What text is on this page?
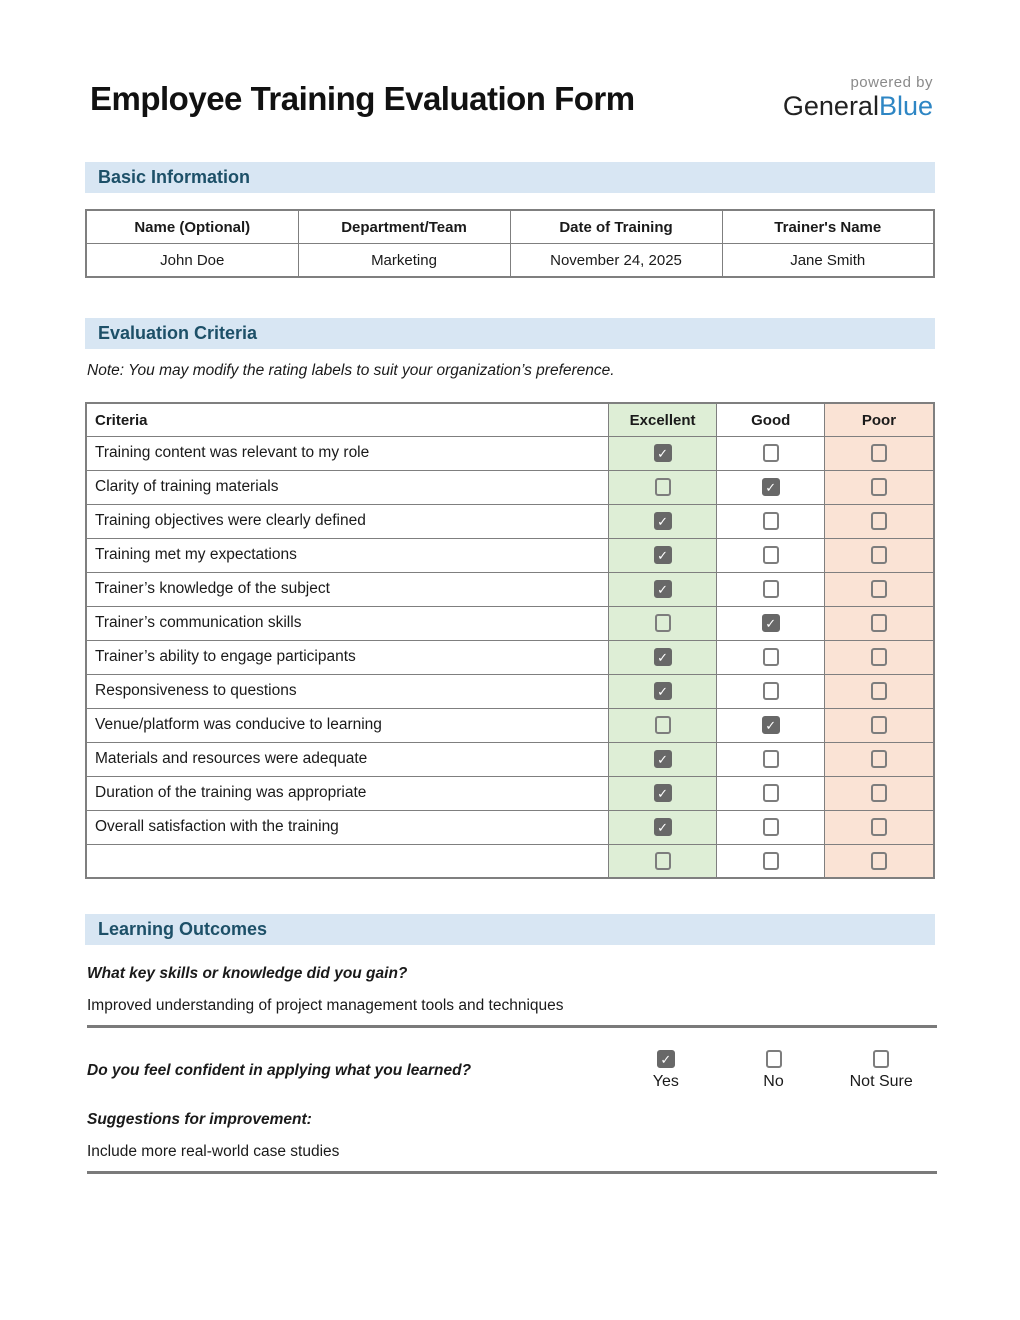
Employee Training Evaluation Form	powered by
GeneralBlue
Basic Information
Name (Optional)	Department/Team	Date of Training	Trainer's Name
John Doe	Marketing	November 24, 2025	Jane Smith
Evaluation Criteria
Note: You may modify the rating labels to suit your organization’s preference.
Criteria	Excellent	Good	Poor
Training content was relevant to my role	✓		
Clarity of training materials		✓	
Training objectives were clearly defined	✓		
Training met my expectations	✓		
Trainer’s knowledge of the subject	✓		
Trainer’s communication skills		✓	
Trainer’s ability to engage participants	✓		
Responsiveness to questions	✓		
Venue/platform was conducive to learning		✓	
Materials and resources were adequate	✓		
Duration of the training was appropriate	✓		
Overall satisfaction with the training	✓		

Learning Outcomes
What key skills or knowledge did you gain?
Improved understanding of project management tools and techniques
Do you feel confident in applying what you learned?
✓
Yes	No	Not Sure
Suggestions for improvement:
Include more real-world case studies
